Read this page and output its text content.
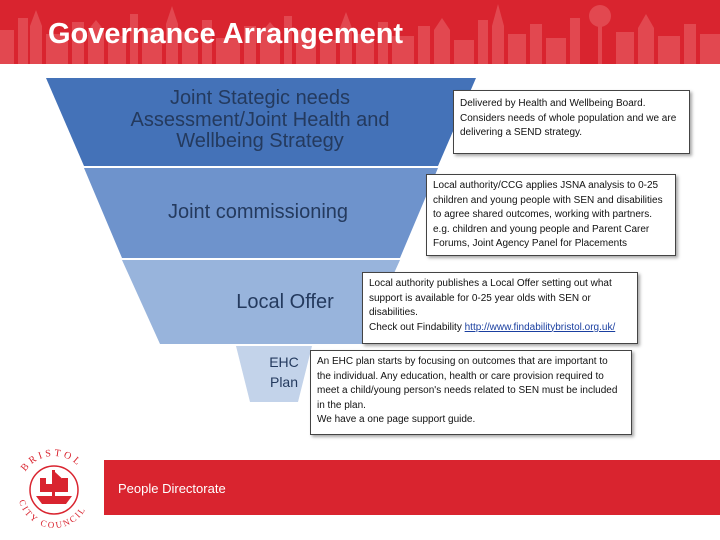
Governance Arrangement
Joint Stategic needs
Assessment/Joint Health and
Wellbeing Strategy
Joint commissioning
Local Offer
EHC
Plan
Delivered by Health and Wellbeing Board.
Considers needs of whole population and we are
delivering a SEND strategy.
Local authority/CCG applies JSNA analysis to 0-25
children and young people with SEN and disabilities
to agree shared outcomes, working with partners.
e.g. children and young people and Parent Carer
Forums, Joint Agency Panel for Placements
Local authority publishes a Local Offer setting out what
support is available for 0-25 year olds with SEN or
disabilities.
Check out Findability http://www.findabilitybristol.org.uk/
An EHC plan starts by focusing on outcomes that are important to
the individual. Any education, health or care provision required to
meet a child/young person's needs related to SEN must be included
in the plan.
We have a one page support guide.
BRISTOL
CITY COUNCIL
People Directorate
